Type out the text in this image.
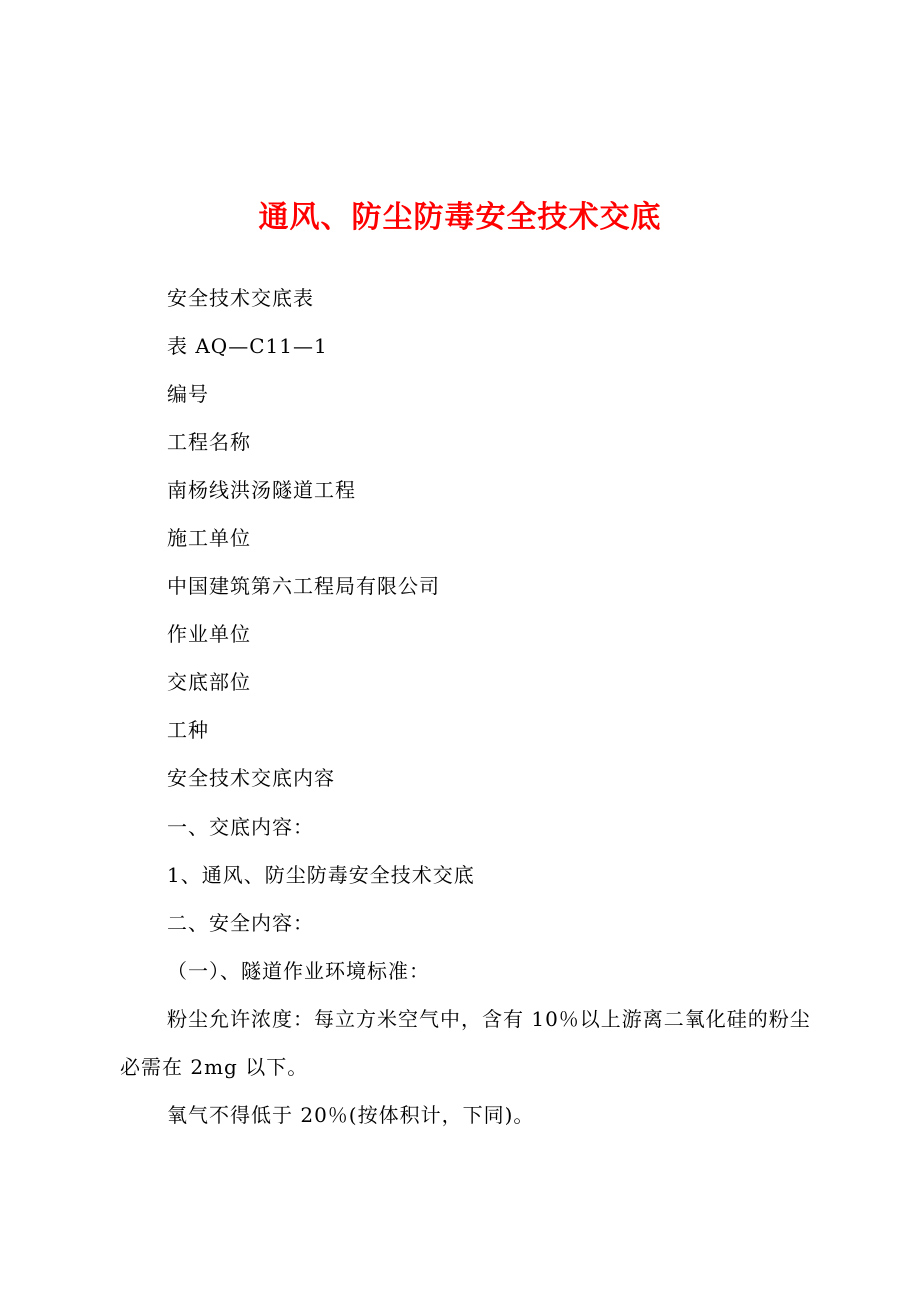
通风、防尘防毒安全技术交底
安全技术交底表
表 AQ—C11—1
编号
工程名称
南杨线洪汤隧道工程
施工单位
中国建筑第六工程局有限公司
作业单位
交底部位
工种
安全技术交底内容
一、交底内容：
1、通风、防尘防毒安全技术交底
二、安全内容：
（一）、隧道作业环境标准：

粉尘允许浓度：每立方米空气中，含有 10％以上游离二氧化硅的粉尘必需在 2mg 以下。

氧气不得低于 20％(按体积计，下同)。
